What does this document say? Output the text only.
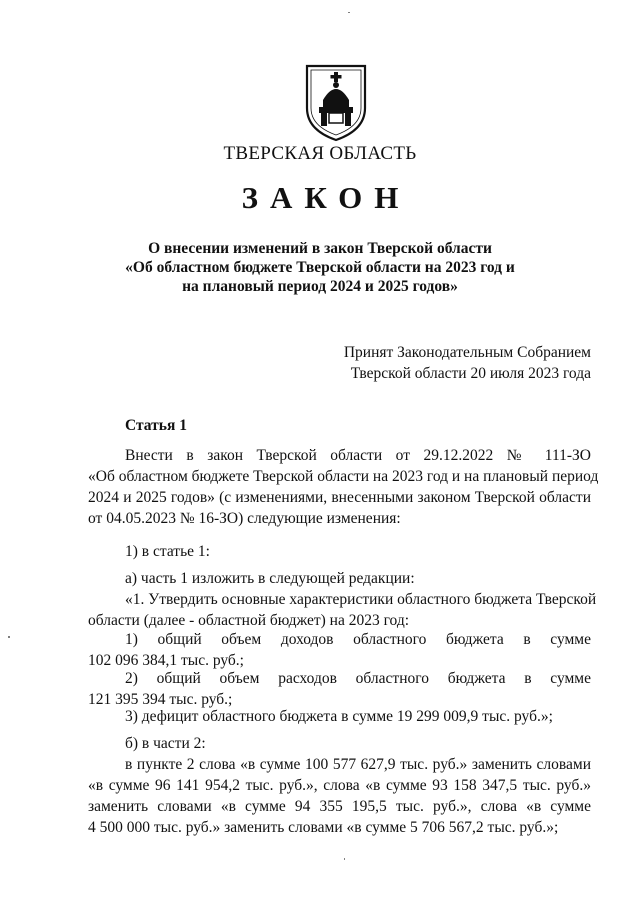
ТВЕРСКАЯ ОБЛАСТЬ
ЗАКОН
О внесении изменений в закон Тверской области
«Об областном бюджете Тверской области на 2023 год и
на плановый период 2024 и 2025 годов»
Принят Законодательным Собранием
Тверской области 20 июля 2023 года
Статья 1
Внести в закон Тверской области от 29.12.2022 № 111-ЗО
«Об областном бюджете Тверской области на 2023 год и на плановый период
2024 и 2025 годов» (с изменениями, внесенными законом Тверской области
от 04.05.2023 № 16-ЗО) следующие изменения:
1) в статье 1:
а) часть 1 изложить в следующей редакции:
«1. Утвердить основные характеристики областного бюджета Тверской
области (далее - областной бюджет) на 2023 год:
1) общий объем доходов областного бюджета в сумме
102 096 384,1 тыс. руб.;
2) общий объем расходов областного бюджета в сумме
121 395 394 тыс. руб.;
3) дефицит областного бюджета в сумме 19 299 009,9 тыс. руб.»;
б) в части 2:
в пункте 2 слова «в сумме 100 577 627,9 тыс. руб.» заменить словами
«в сумме 96 141 954,2 тыс. руб.», слова «в сумме 93 158 347,5 тыс. руб.»
заменить словами «в сумме 94 355 195,5 тыс. руб.», слова «в сумме
4 500 000 тыс. руб.» заменить словами «в сумме 5 706 567,2 тыс. руб.»;
